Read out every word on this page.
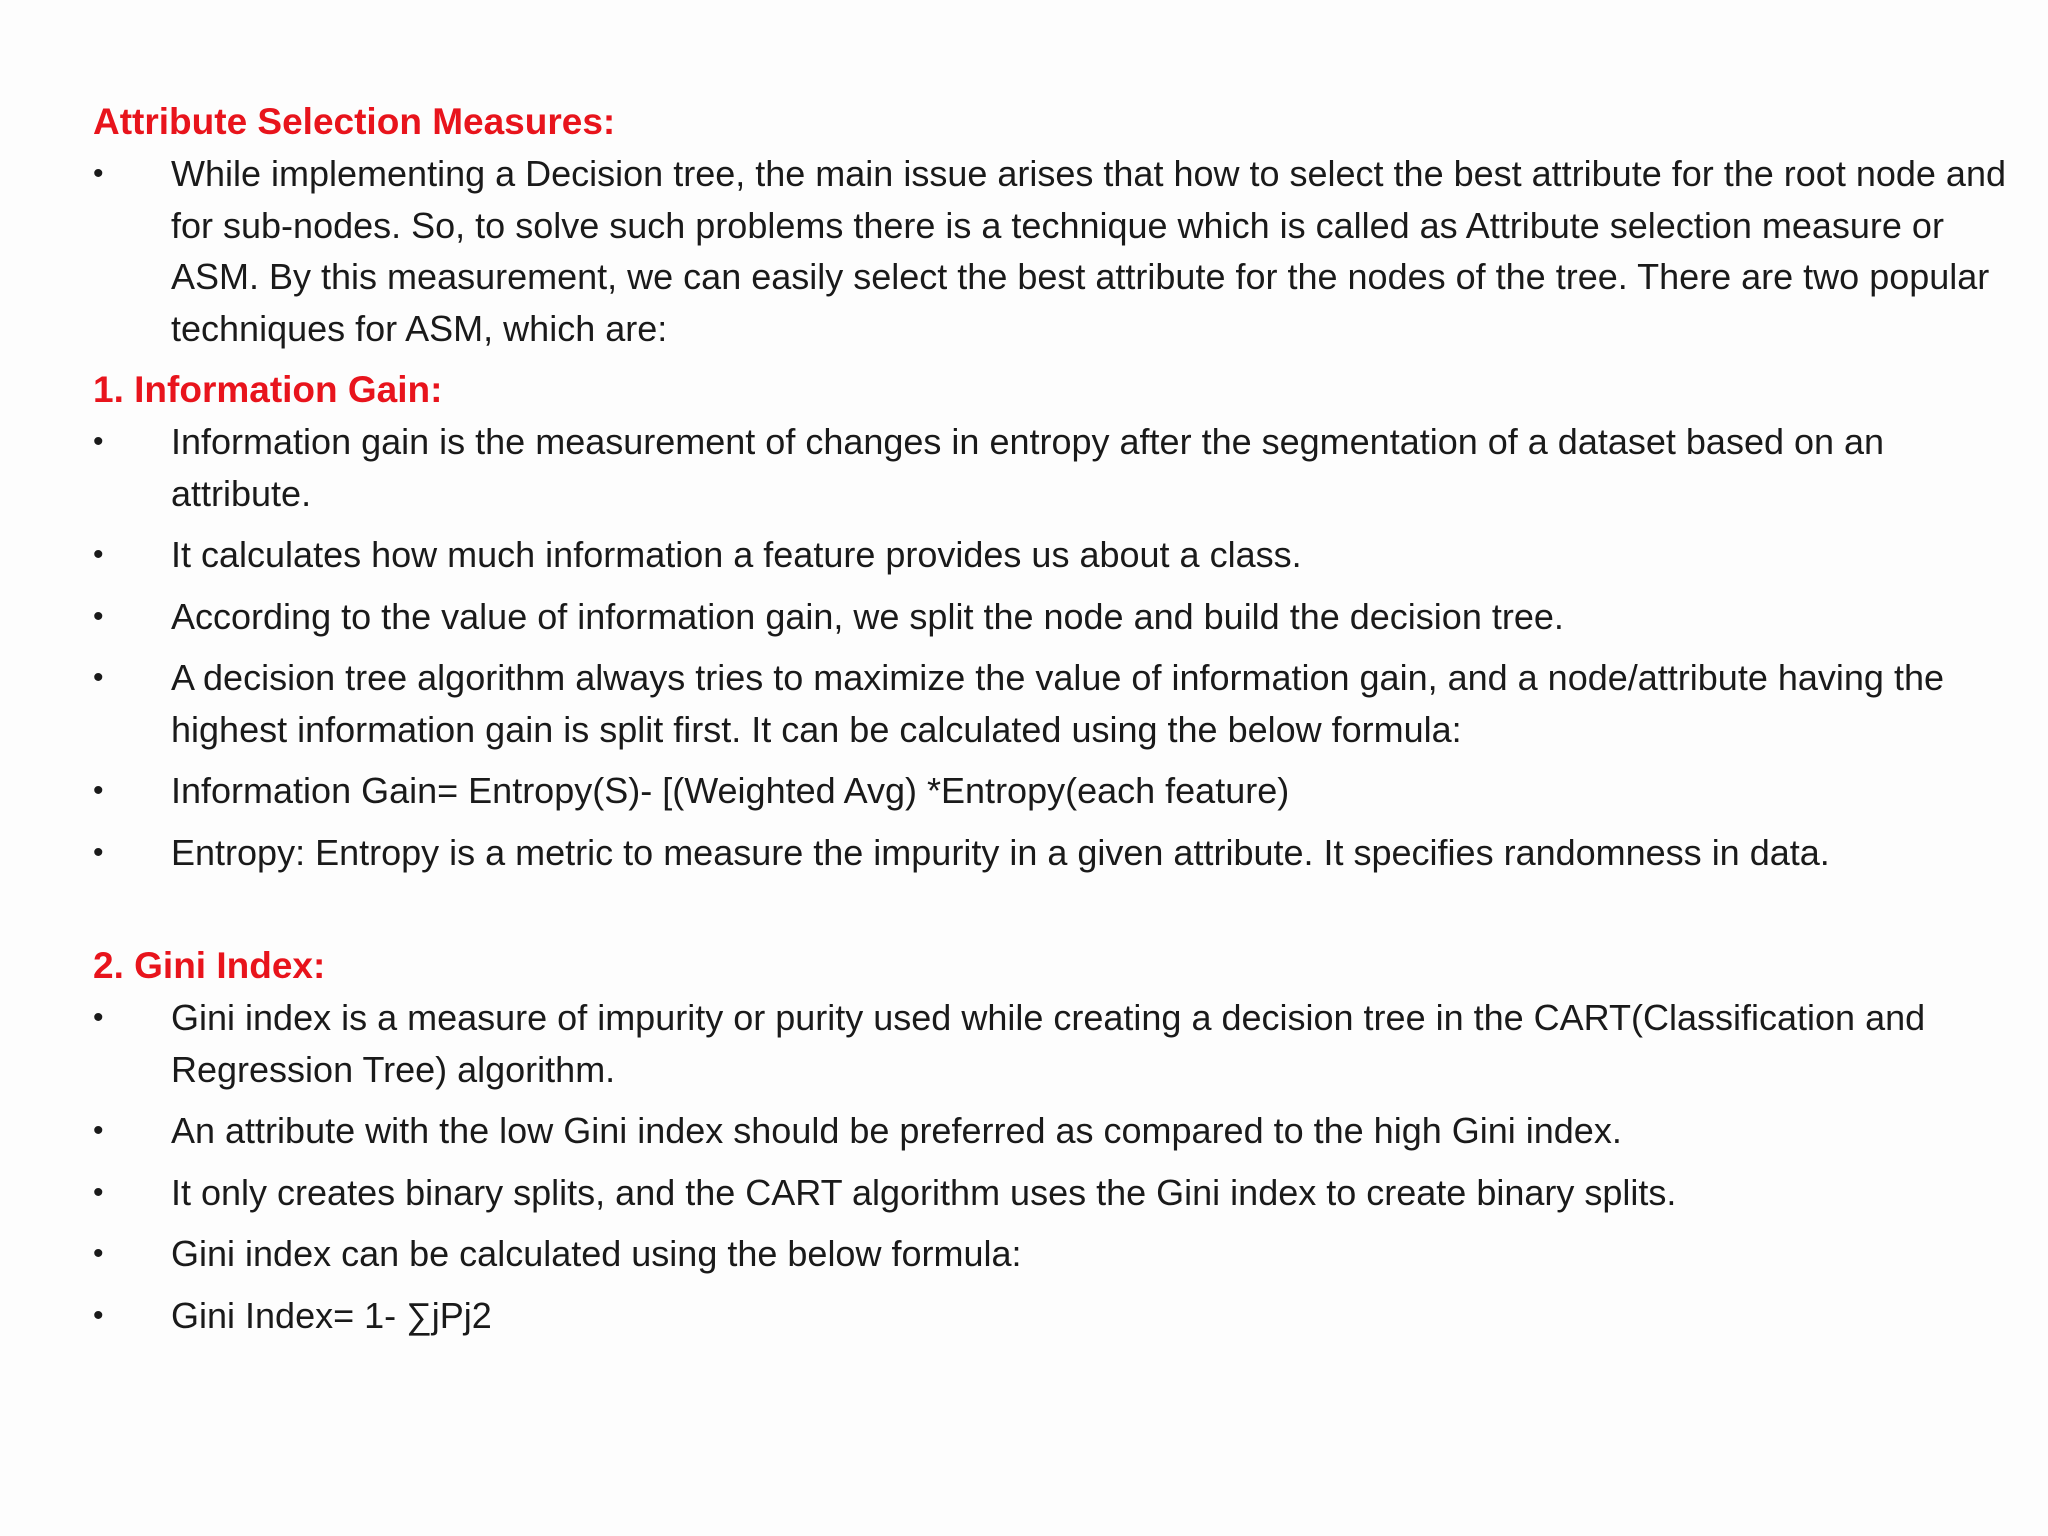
Attribute Selection Measures:
•	While implementing a Decision tree, the main issue arises that how to select the best attribute for the root node and for sub-nodes. So, to solve such problems there is a technique which is called as Attribute selection measure or ASM. By this measurement, we can easily select the best attribute for the nodes of the tree. There are two popular techniques for ASM, which are:
1. Information Gain:
•	Information gain is the measurement of changes in entropy after the segmentation of a dataset based on an attribute.
•	It calculates how much information a feature provides us about a class.
•	According to the value of information gain, we split the node and build the decision tree.
•	A decision tree algorithm always tries to maximize the value of information gain, and a node/attribute having the highest information gain is split first. It can be calculated using the below formula:
•	Information Gain= Entropy(S)- [(Weighted Avg) *Entropy(each feature)
•	Entropy: Entropy is a metric to measure the impurity in a given attribute. It specifies randomness in data.
2. Gini Index:
•	Gini index is a measure of impurity or purity used while creating a decision tree in the CART(Classification and Regression Tree) algorithm.
•	An attribute with the low Gini index should be preferred as compared to the high Gini index.
•	It only creates binary splits, and the CART algorithm uses the Gini index to create binary splits.
•	Gini index can be calculated using the below formula:
•	Gini Index= 1- ∑jPj2
